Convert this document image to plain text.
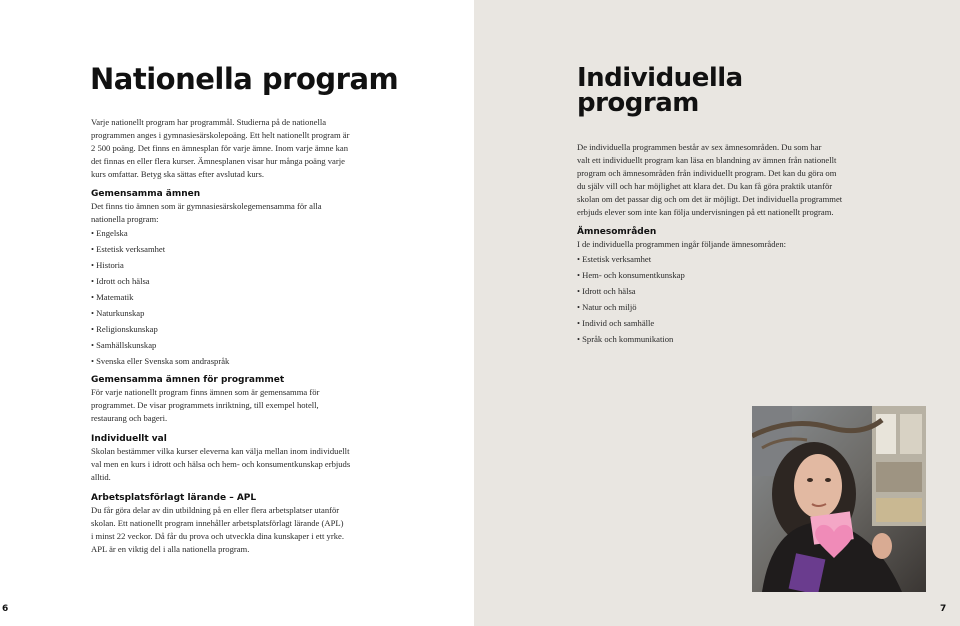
Nationella program

Varje nationellt program har programmål. Studierna på de nationella

programmen anges i gymnasiesärskolepoäng. Ett helt nationellt program är

2 500 poäng. Det finns en ämnesplan för varje ämne. Inom varje ämne kan

det finnas en eller flera kurser. Ämnesplanen visar hur många poäng varje

kurs omfattar. Betyg ska sättas efter avslutad kurs.

Gemensamma ämnen

Det finns tio ämnen som är gymnasiesärskolegemensamma för alla

nationella program:

• Engelska
• Estetisk verksamhet
• Historia
• Idrott och hälsa
• Matematik
• Naturkunskap
• Religionskunskap
• Samhällskunskap
• Svenska eller Svenska som andraspråk

Gemensamma ämnen för programmet

För varje nationellt program finns ämnen som är gemensamma för

programmet. De visar programmets inriktning, till exempel hotell,

restaurang och bageri.

Individuellt val

Skolan bestämmer vilka kurser eleverna kan välja mellan inom individuellt

val men en kurs i idrott och hälsa och hem- och konsumentkunskap erbjuds

alltid.

Arbetsplatsförlagt lärande – APL

Du får göra delar av din utbildning på en eller flera arbetsplatser utanför

skolan. Ett nationellt program innehåller arbetsplatsförlagt lärande (APL)

i minst 22 veckor. Då får du prova och utveckla dina kunskaper i ett yrke.

APL är en viktig del i alla nationella program.

6
Individuella
program

De individuella programmen består av sex ämnesområden. Du som har

valt ett individuellt program kan läsa en blandning av ämnen från nationellt

program och ämnesområden från individuellt program. Det kan du göra om

du själv vill och har möjlighet att klara det. Du kan få göra praktik utanför

skolan om det passar dig och om det är möjligt. Det individuella programmet

erbjuds elever som inte kan följa undervisningen på ett nationellt program.

Ämnesområden

I de individuella programmen ingår följande ämnesområden:

• Estetisk verksamhet
• Hem- och konsumentkunskap
• Idrott och hälsa
• Natur och miljö
• Individ och samhälle
• Språk och kommunikation
7
